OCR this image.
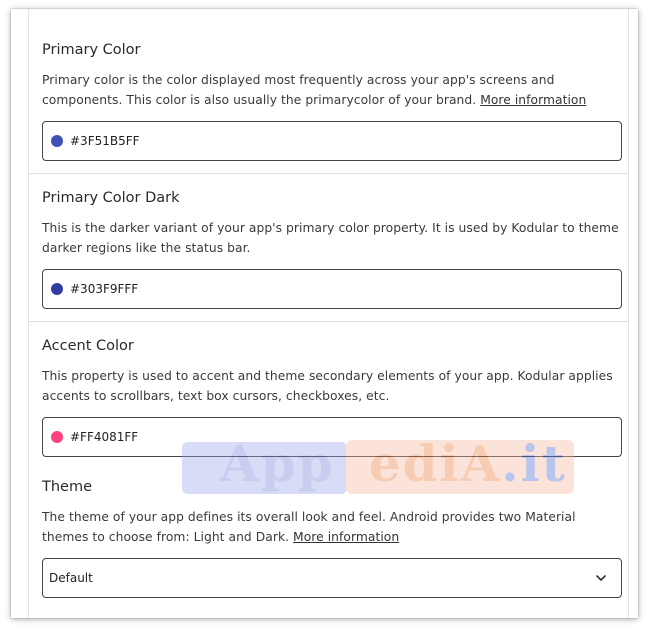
Primary Color
Primary color is the color displayed most frequently across your app's screens and components. This color is also usually the primarycolor of your brand. More information
#3F51B5FF
Primary Color Dark
This is the darker variant of your app's primary color property. It is used by Kodular to theme darker regions like the status bar.
#303F9FFF
Accent Color
This property is used to accent and theme secondary elements of your app. Kodular applies accents to scrollbars, text box cursors, checkboxes, etc.
#FF4081FF
Theme
The theme of your app defines its overall look and feel. Android provides two Material themes to choose from: Light and Dark. More information
Default
App ediA.it
